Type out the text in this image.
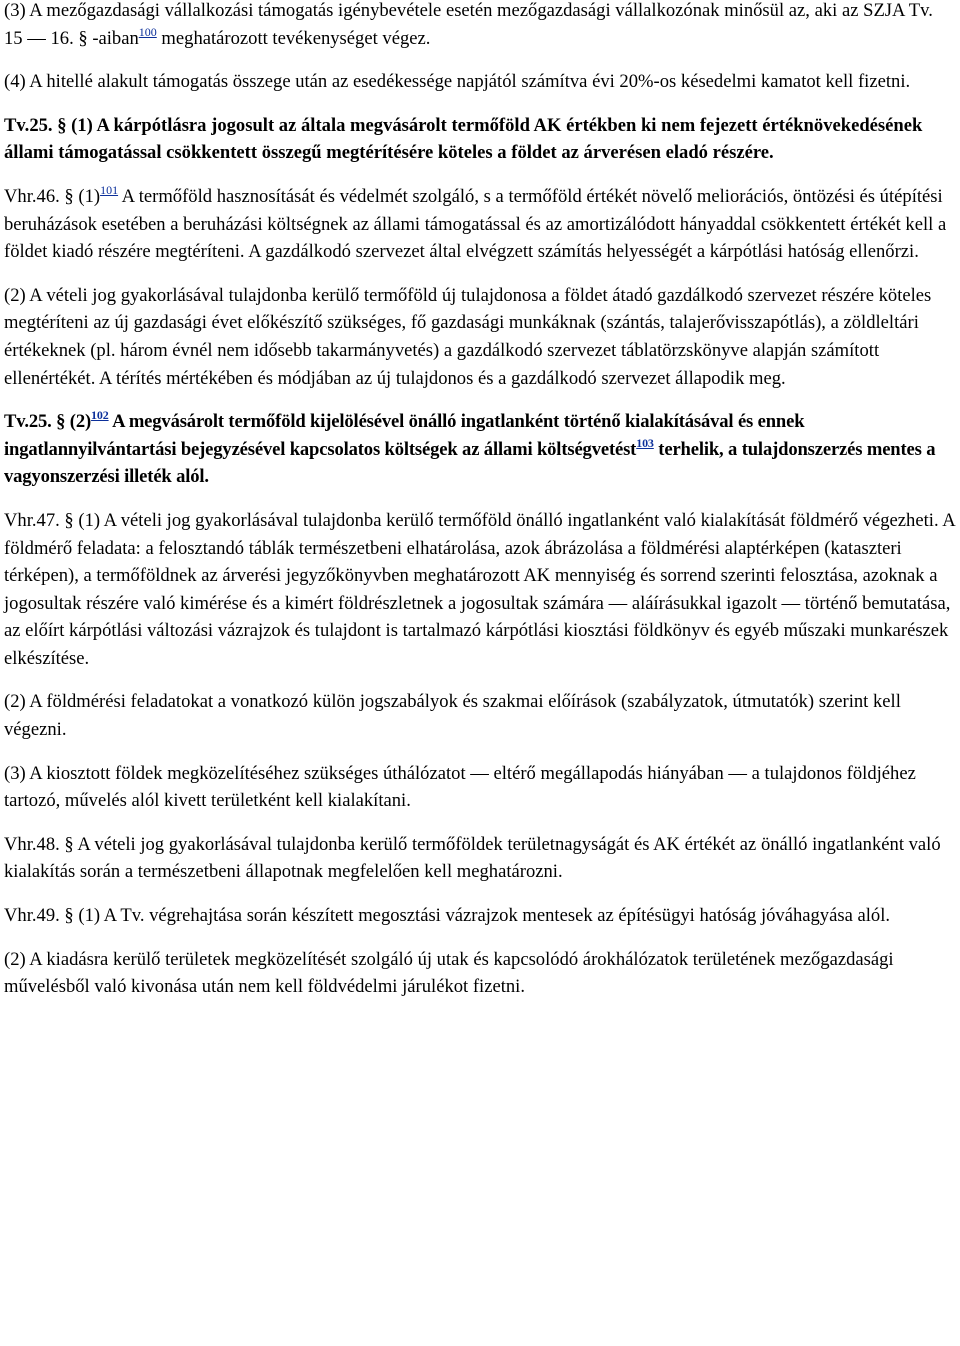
(3) A mezőgazdasági vállalkozási támogatás igénybevétele esetén mezőgazdasági vállalkozónak minősül az, aki az SZJA Tv. 15 — 16. § -aiban$^{100}$ meghatározott tevékenységet végez.

(4) A hitellé alakult támogatás összege után az esedékessége napjától számítva évi 20%-os késedelmi kamatot kell fizetni.

Tv.25. § (1) A kárpótlásra jogosult az általa megvásárolt termőföld AK értékben ki nem fejezett értéknövekedésének állami támogatással csökkentett összegű megtérítésére köteles a földet az árverésen eladó részére.

Vhr.46. § $(1)^{101}$ A termőföld hasznosítását és védelmét szolgáló, s a termőföld értékét növelő meliorációs, öntözési és útépítési beruházások esetében a beruházási költségnek az állami támogatással és az amortizálódott hányaddal csökkentett értékét kell a földet kiadó részére megtéríteni. A gazdálkodó szervezet által elvégzett számítás helyességét a kárpótlási hatóság ellenőrzi.

(2) A vételi jog gyakorlásával tulajdonba kerülő termőföld új tulajdonosa a földet átadó gazdálkodó szervezet részére köteles megtéríteni az új gazdasági évet előkészítő szükséges, fő gazdasági munkáknak (szántás, talajerővisszapótlás), a zöldleltári értékeknek (pl. három évnél nem idősebb takarmányvetés) a gazdálkodó szervezet táblatörzskönyve alapján számított ellenértékét. A térítés mértékében és módjában az új tulajdonos és a gazdálkodó szervezet állapodik meg.

Tv.25. § $(2)^{102}$ A megvásárolt termőföld kijelölésével önálló ingatlanként történő kialakításával és ennek ingatlannyilvántartási bejegyzésével kapcsolatos költségek az állami költségvetést$^{103}$ terhelik, a tulajdonszerzés mentes a vagyonszerzési illeték alól.

Vhr.47. § (1) A vételi jog gyakorlásával tulajdonba kerülő termőföld önálló ingatlanként való kialakítását földmérő végezheti. A földmérő feladata: a felosztandó táblák természetbeni elhatárolása, azok ábrázolása a földmérési alaptérképen (kataszteri térképen), a termőföldnek az árverési jegyzőkönyvben meghatározott AK mennyiség és sorrend szerinti felosztása, azoknak a jogosultak részére való kimérése és a kimért földrészletnek a jogosultak számára — aláírásukkal igazolt — történő bemutatása, az előírt kárpótlási változási vázrajzok és tulajdont is tartalmazó kárpótlási kiosztási földkönyv és egyéb műszaki munkarészek elkészítése.

(2) A földmérési feladatokat a vonatkozó külön jogszabályok és szakmai előírások (szabályzatok, útmutatók) szerint kell végezni.

(3) A kiosztott földek megközelítéséhez szükséges úthálózatot — eltérő megállapodás hiányában — a tulajdonos földjéhez tartozó, művelés alól kivett területként kell kialakítani.

Vhr.48. § A vételi jog gyakorlásával tulajdonba kerülő termőföldek területnagyságát és AK értékét az önálló ingatlanként való kialakítás során a természetbeni állapotnak megfelelően kell meghatározni.

Vhr.49. § (1) A Tv. végrehajtása során készített megosztási vázrajzok mentesek az építésügyi hatóság jóváhagyása alól.

(2) A kiadásra kerülő területek megközelítését szolgáló új utak és kapcsolódó árokhálózatok területének mezőgazdasági művelésből való kivonása után nem kell földvédelmi járulékot fizetni.
